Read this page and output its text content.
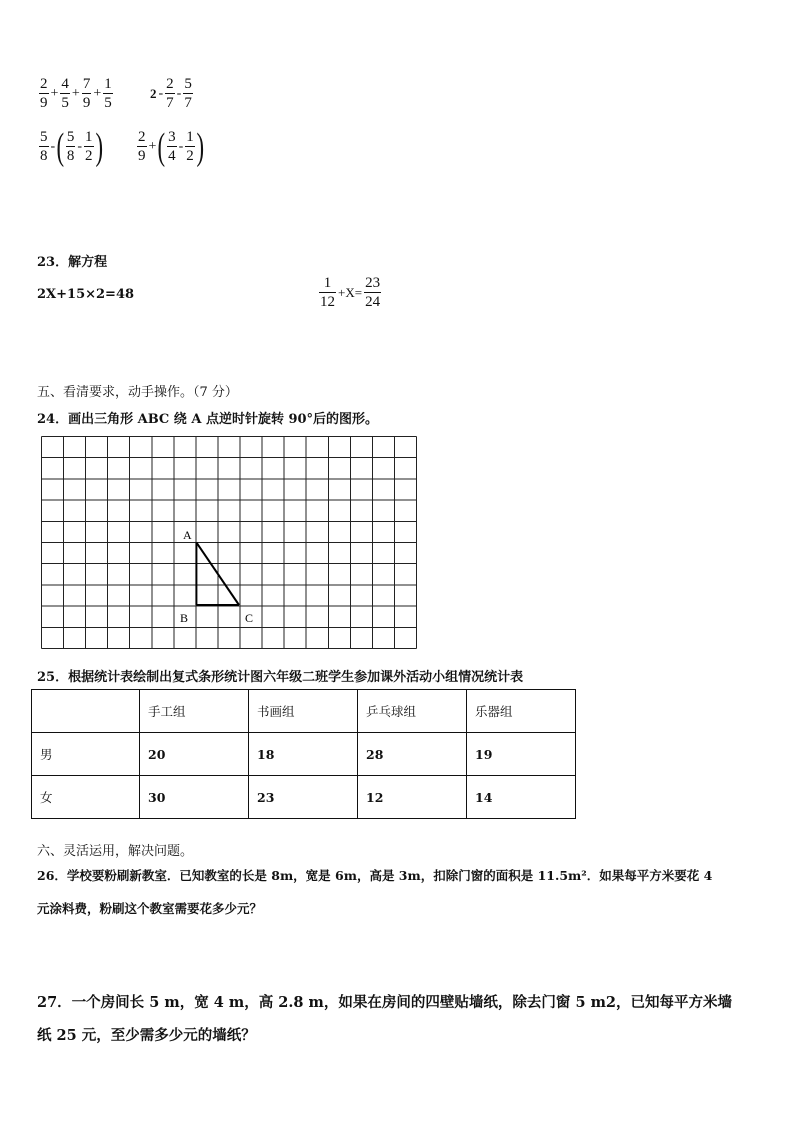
$\frac{2}{9} + \frac{4}{5} + \frac{7}{9} + \frac{1}{5}$	$2 - \frac{2}{7} - \frac{5}{7}$
$\frac{5}{8}$ - ( $\frac{5}{8} - \frac{1}{2}$ ) $\frac{2}{9}$ + ( $\frac{3}{4} - \frac{1}{2}$ )
23．解方程
2X+15×2=48	$\frac{1}{12} +X= \frac{23}{24}$
五、看清要求，动手操作。（7 分）
24．画出三角形 ABC 绕 A 点逆时针旋转 90°后的图形。
A
B	C
25．根据统计表绘制出复式条形统计图六年级二班学生参加课外活动小组情况统计表
	手工组	书画组	乒乓球组	乐器组
男	20	18	28	19
女	30	23	12	14
六、灵活运用，解决问题。
26．学校要粉刷新教室．已知教室的长是 8m，宽是 6m，高是 3m，扣除门窗的面积是 11.5m²．如果每平方米要花 4
元涂料费，粉刷这个教室需要花多少元？
27．一个房间长 5 m，宽 4 m，高 2.8 m，如果在房间的四壁贴墙纸，除去门窗 5 m2，已知每平方米墙
纸 25 元，至少需多少元的墙纸？
